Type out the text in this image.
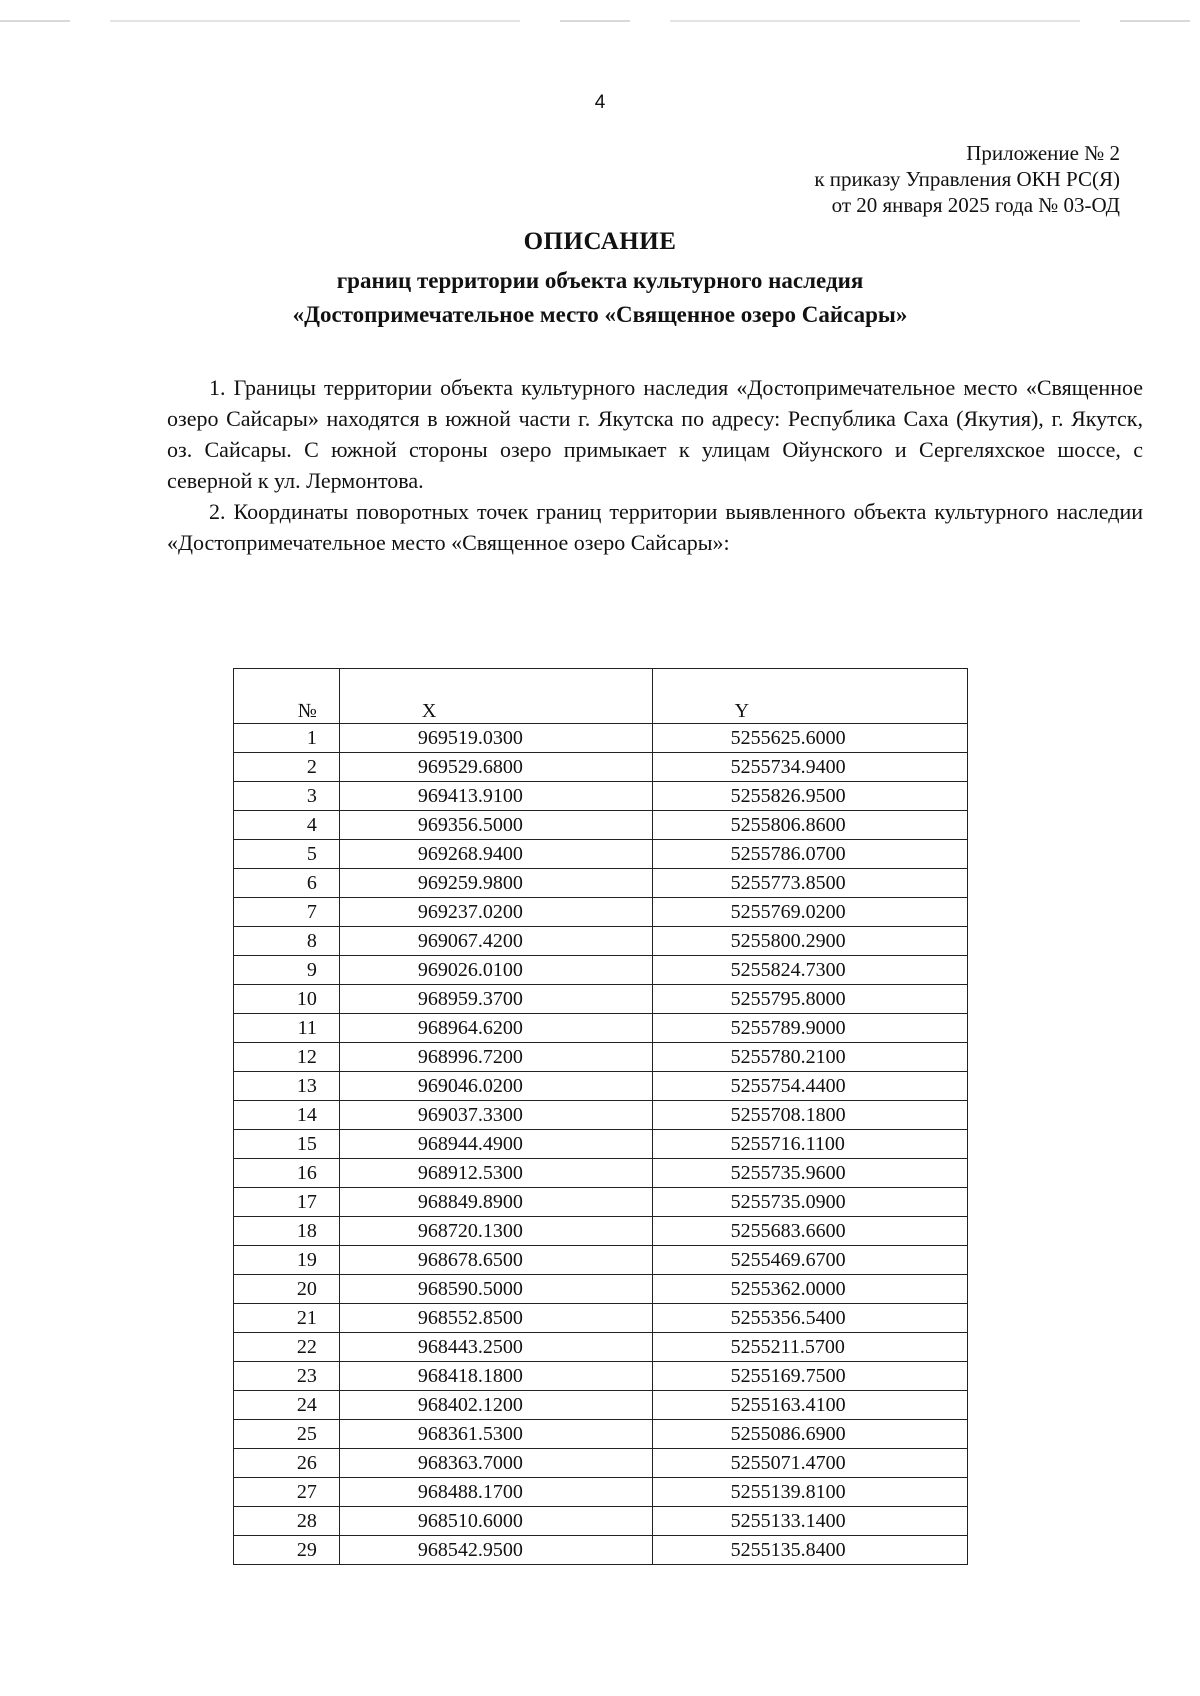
4
Приложение № 2
к приказу Управления ОКН РС(Я)
от 20 января 2025 года № 03-ОД
ОПИСАНИЕ
границ территории объекта культурного наследия
«Достопримечательное место «Священное озеро Сайсары»

1. Границы территории объекта культурного наследия «Достопримечательное место «Священное озеро Сайсары» находятся в южной части г. Якутска по адресу: Республика Саха (Якутия), г. Якутск, оз. Сайсары. С южной стороны озеро примыкает к улицам Ойунского и Сергеляхское шоссе, с северной к ул. Лермонтова.

2. Координаты поворотных точек границ территории выявленного объекта культурного наследии «Достопримечательное место «Священное озеро Сайсары»:

№	X	Y
1	969519.0300	5255625.6000
2	969529.6800	5255734.9400
3	969413.9100	5255826.9500
4	969356.5000	5255806.8600
5	969268.9400	5255786.0700
6	969259.9800	5255773.8500
7	969237.0200	5255769.0200
8	969067.4200	5255800.2900
9	969026.0100	5255824.7300
10	968959.3700	5255795.8000
11	968964.6200	5255789.9000
12	968996.7200	5255780.2100
13	969046.0200	5255754.4400
14	969037.3300	5255708.1800
15	968944.4900	5255716.1100
16	968912.5300	5255735.9600
17	968849.8900	5255735.0900
18	968720.1300	5255683.6600
19	968678.6500	5255469.6700
20	968590.5000	5255362.0000
21	968552.8500	5255356.5400
22	968443.2500	5255211.5700
23	968418.1800	5255169.7500
24	968402.1200	5255163.4100
25	968361.5300	5255086.6900
26	968363.7000	5255071.4700
27	968488.1700	5255139.8100
28	968510.6000	5255133.1400
29	968542.9500	5255135.8400
